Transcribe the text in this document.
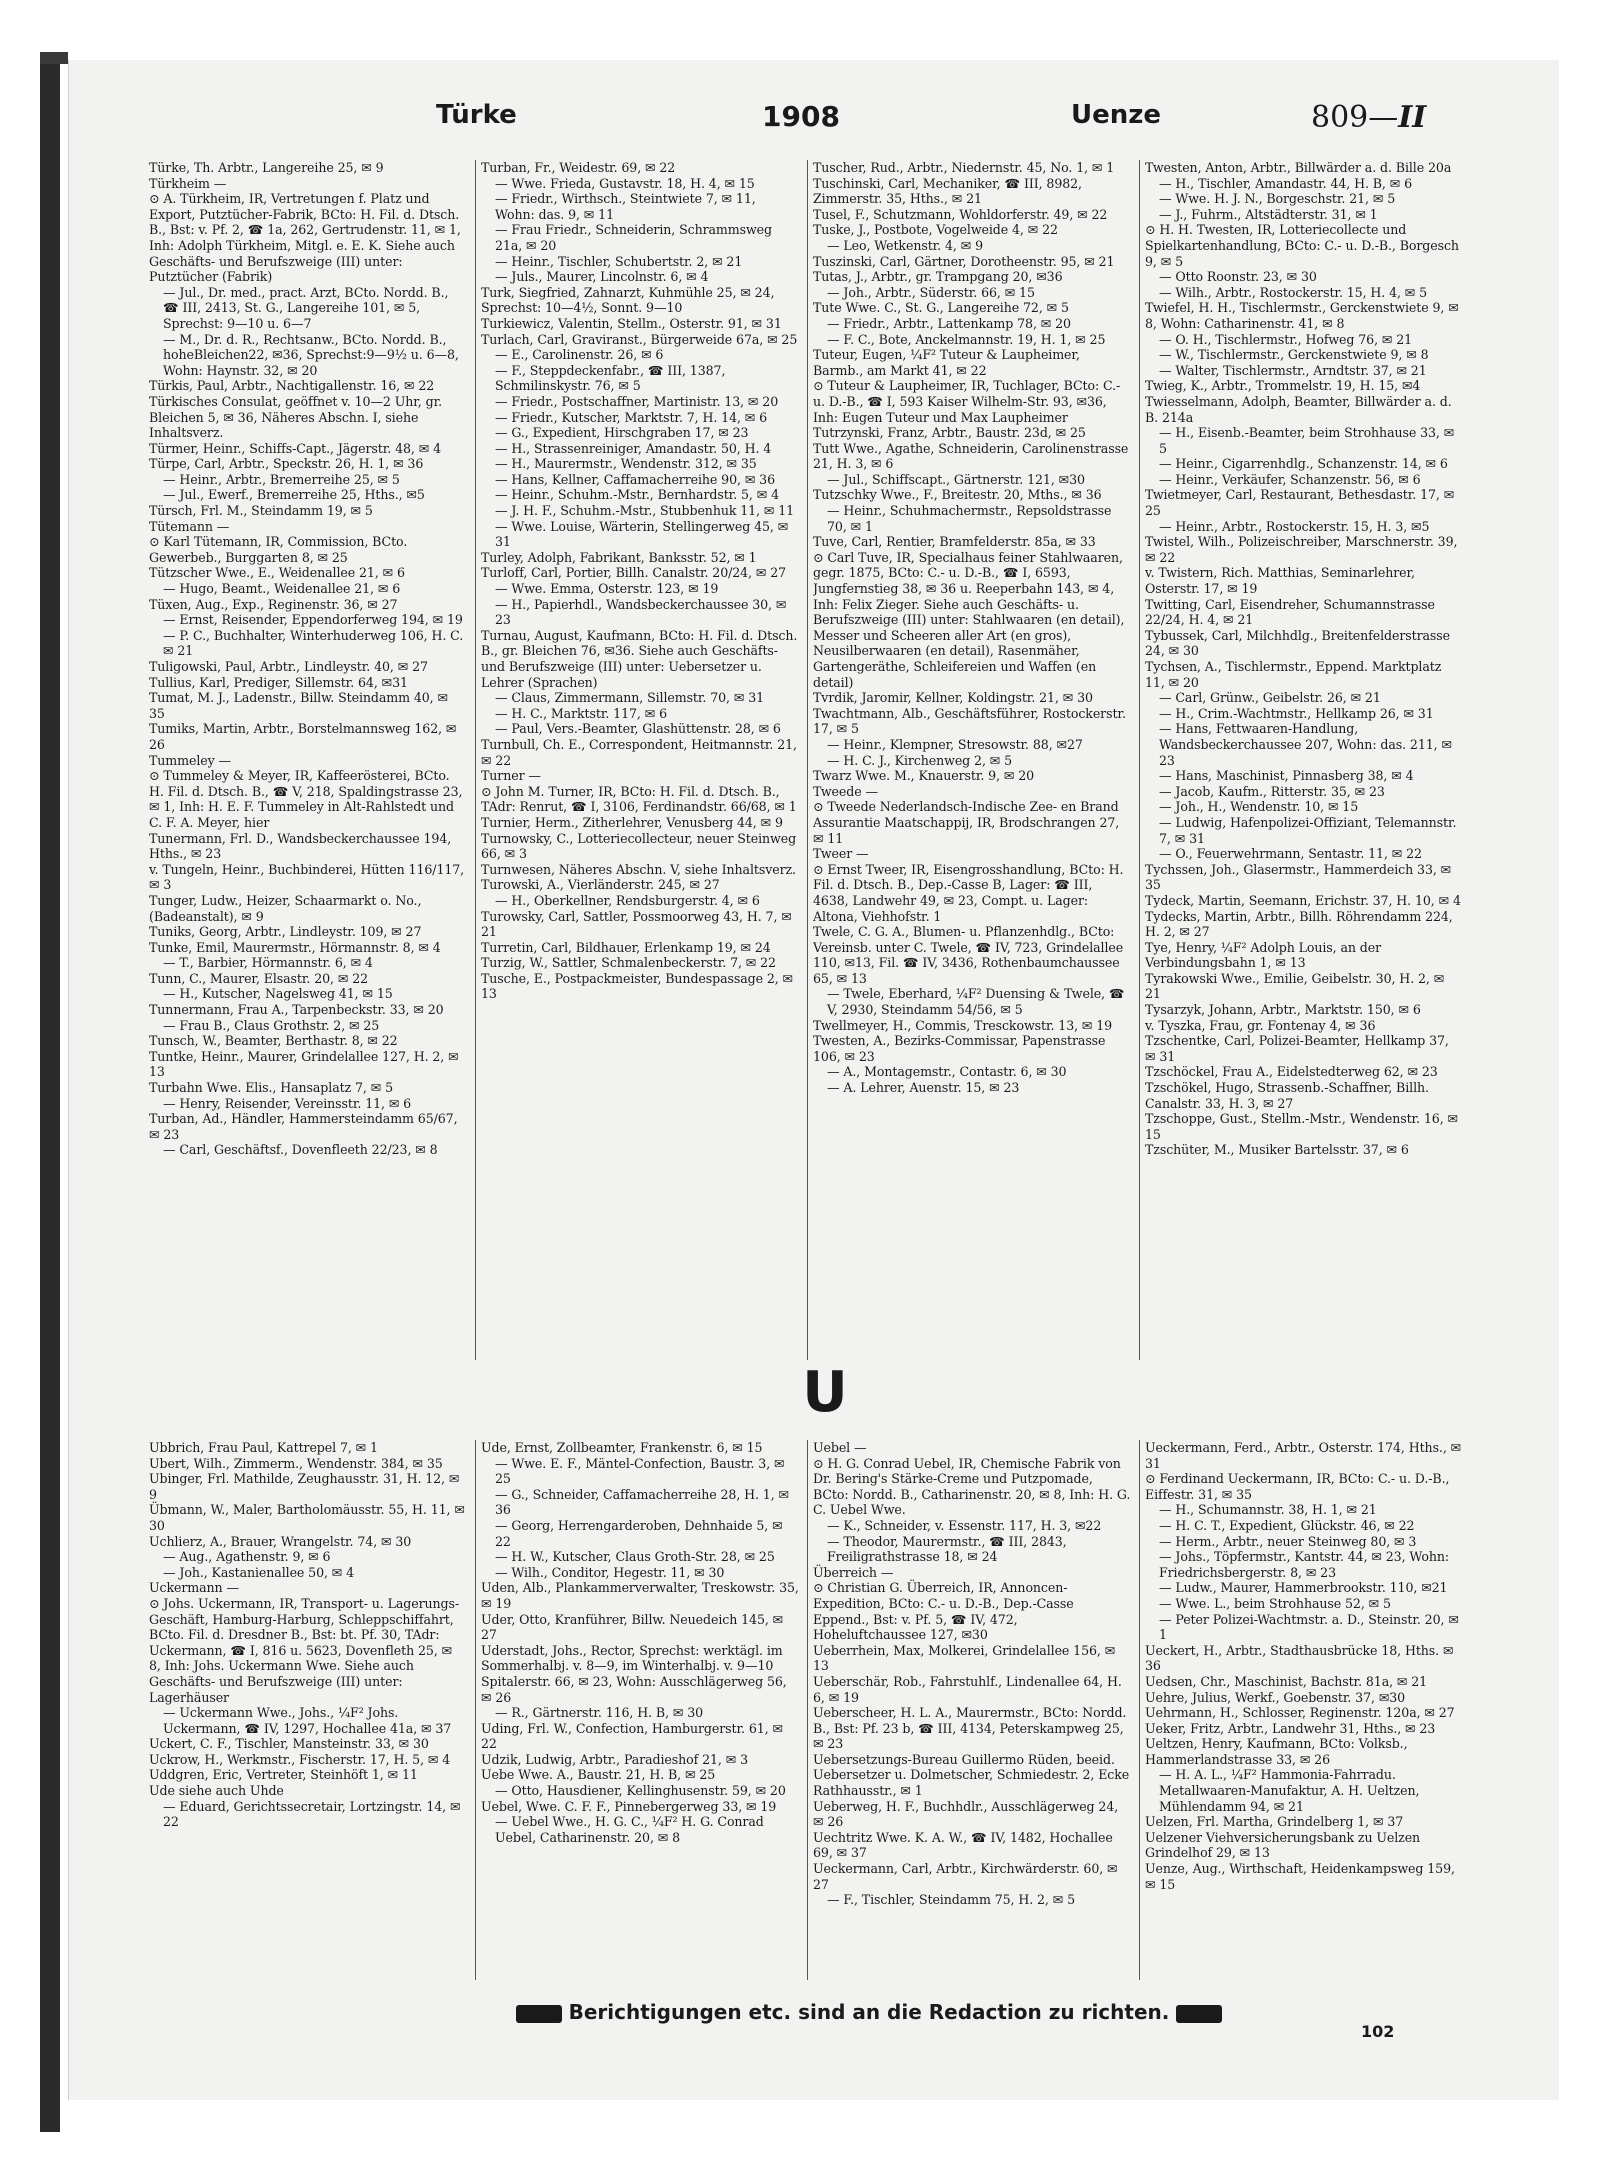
Türke	1908	Uenze	809—II

Türke, Th. Arbtr., Langereihe 25, ✉ 9

Türkheim —

⊙ A. Türkheim, IR, Vertretungen f. Platz und Export, Putztücher-Fabrik, BCto: H. Fil. d. Dtsch. B., Bst: v. Pf. 2, ☎ 1a, 262, Gertrudenstr. 11, ✉ 1, Inh: Adolph Türkheim, Mitgl. e. E. K. Siehe auch Geschäfts- und Berufszweige (III) unter: Putztücher (Fabrik)

— Jul., Dr. med., pract. Arzt, BCto. Nordd. B., ☎ III, 2413, St. G., Langereihe 101, ✉ 5, Sprechst: 9—10 u. 6—7

— M., Dr. d. R., Rechtsanw., BCto. Nordd. B., hoheBleichen22, ✉36, Sprechst:9—9½ u. 6—8, Wohn: Haynstr. 32, ✉ 20

Türkis, Paul, Arbtr., Nachtigallenstr. 16, ✉ 22

Türkisches Consulat, geöffnet v. 10—2 Uhr, gr. Bleichen 5, ✉ 36, Näheres Abschn. I, siehe Inhaltsverz.

Türmer, Heinr., Schiffs-Capt., Jägerstr. 48, ✉ 4

Türpe, Carl, Arbtr., Speckstr. 26, H. 1, ✉ 36

— Heinr., Arbtr., Bremerreihe 25, ✉ 5

— Jul., Ewerf., Bremerreihe 25, Hths., ✉5

Türsch, Frl. M., Steindamm 19, ✉ 5

Tütemann —

⊙ Karl Tütemann, IR, Commission, BCto. Gewerbeb., Burggarten 8, ✉ 25

Tützscher Wwe., E., Weidenallee 21, ✉ 6

— Hugo, Beamt., Weidenallee 21, ✉ 6

Tüxen, Aug., Exp., Reginenstr. 36, ✉ 27

— Ernst, Reisender, Eppendorferweg 194, ✉ 19

— P. C., Buchhalter, Winterhuderweg 106, H. C. ✉ 21

Tuligowski, Paul, Arbtr., Lindleystr. 40, ✉ 27

Tullius, Karl, Prediger, Sillemstr. 64, ✉31

Tumat, M. J., Ladenstr., Billw. Steindamm 40, ✉ 35

Tumiks, Martin, Arbtr., Borstelmannsweg 162, ✉ 26

Tummeley —

⊙ Tummeley & Meyer, IR, Kaffeerösterei, BCto. H. Fil. d. Dtsch. B., ☎ V, 218, Spaldingstrasse 23, ✉ 1, Inh: H. E. F. Tummeley in Alt-Rahlstedt und C. F. A. Meyer, hier

Tunermann, Frl. D., Wandsbeckerchaussee 194, Hths., ✉ 23

v. Tungeln, Heinr., Buchbinderei, Hütten 116/117, ✉ 3

Tunger, Ludw., Heizer, Schaarmarkt o. No., (Badeanstalt), ✉ 9

Tuniks, Georg, Arbtr., Lindleystr. 109, ✉ 27

Tunke, Emil, Maurermstr., Hörmannstr. 8, ✉ 4

— T., Barbier, Hörmannstr. 6, ✉ 4

Tunn, C., Maurer, Elsastr. 20, ✉ 22

— H., Kutscher, Nagelsweg 41, ✉ 15

Tunnermann, Frau A., Tarpenbeckstr. 33, ✉ 20

— Frau B., Claus Grothstr. 2, ✉ 25

Tunsch, W., Beamter, Berthastr. 8, ✉ 22

Tuntke, Heinr., Maurer, Grindelallee 127, H. 2, ✉ 13

Turbahn Wwe. Elis., Hansaplatz 7, ✉ 5

— Henry, Reisender, Vereinsstr. 11, ✉ 6

Turban, Ad., Händler, Hammersteindamm 65/67, ✉ 23

— Carl, Geschäftsf., Dovenfleeth 22/23, ✉ 8

Turban, Fr., Weidestr. 69, ✉ 22

— Wwe. Frieda, Gustavstr. 18, H. 4, ✉ 15

— Friedr., Wirthsch., Steintwiete 7, ✉ 11, Wohn: das. 9, ✉ 11

— Frau Friedr., Schneiderin, Schrammsweg 21a, ✉ 20

— Heinr., Tischler, Schubertstr. 2, ✉ 21

— Juls., Maurer, Lincolnstr. 6, ✉ 4

Turk, Siegfried, Zahnarzt, Kuhmühle 25, ✉ 24, Sprechst: 10—4½, Sonnt. 9—10

Turkiewicz, Valentin, Stellm., Osterstr. 91, ✉ 31

Turlach, Carl, Graviranst., Bürgerweide 67a, ✉ 25

— E., Carolinenstr. 26, ✉ 6

— F., Steppdeckenfabr., ☎ III, 1387, Schmilinskystr. 76, ✉ 5

— Friedr., Postschaffner, Martinistr. 13, ✉ 20

— Friedr., Kutscher, Marktstr. 7, H. 14, ✉ 6

— G., Expedient, Hirschgraben 17, ✉ 23

— H., Strassenreiniger, Amandastr. 50, H. 4

— H., Maurermstr., Wendenstr. 312, ✉ 35

— Hans, Kellner, Caffamacherreihe 90, ✉ 36

— Heinr., Schuhm.-Mstr., Bernhardstr. 5, ✉ 4

— J. H. F., Schuhm.-Mstr., Stubbenhuk 11, ✉ 11

— Wwe. Louise, Wärterin, Stellingerweg 45, ✉ 31

Turley, Adolph, Fabrikant, Banksstr. 52, ✉ 1

Turloff, Carl, Portier, Billh. Canalstr. 20/24, ✉ 27

— Wwe. Emma, Osterstr. 123, ✉ 19

— H., Papierhdl., Wandsbeckerchaussee 30, ✉ 23

Turnau, August, Kaufmann, BCto: H. Fil. d. Dtsch. B., gr. Bleichen 76, ✉36. Siehe auch Geschäfts- und Berufszweige (III) unter: Uebersetzer u. Lehrer (Sprachen)

— Claus, Zimmermann, Sillemstr. 70, ✉ 31

— H. C., Marktstr. 117, ✉ 6

— Paul, Vers.-Beamter, Glashüttenstr. 28, ✉ 6

Turnbull, Ch. E., Correspondent, Heitmannstr. 21, ✉ 22

Turner —

⊙ John M. Turner, IR, BCto: H. Fil. d. Dtsch. B., TAdr: Renrut, ☎ I, 3106, Ferdinandstr. 66/68, ✉ 1

Turnier, Herm., Zitherlehrer, Venusberg 44, ✉ 9

Turnowsky, C., Lotteriecollecteur, neuer Steinweg 66, ✉ 3

Turnwesen, Näheres Abschn. V, siehe Inhaltsverz.

Turowski, A., Vierländerstr. 245, ✉ 27

— H., Oberkellner, Rendsburgerstr. 4, ✉ 6

Turowsky, Carl, Sattler, Possmoorweg 43, H. 7, ✉ 21

Turretin, Carl, Bildhauer, Erlenkamp 19, ✉ 24

Turzig, W., Sattler, Schmalenbeckerstr. 7, ✉ 22

Tusche, E., Postpackmeister, Bundespassage 2, ✉ 13

Tuscher, Rud., Arbtr., Niedernstr. 45, No. 1, ✉ 1

Tuschinski, Carl, Mechaniker, ☎ III, 8982, Zimmerstr. 35, Hths., ✉ 21

Tusel, F., Schutzmann, Wohldorferstr. 49, ✉ 22

Tuske, J., Postbote, Vogelweide 4, ✉ 22

— Leo, Wetkenstr. 4, ✉ 9

Tuszinski, Carl, Gärtner, Dorotheenstr. 95, ✉ 21

Tutas, J., Arbtr., gr. Trampgang 20, ✉36

— Joh., Arbtr., Süderstr. 66, ✉ 15

Tute Wwe. C., St. G., Langereihe 72, ✉ 5

— Friedr., Arbtr., Lattenkamp 78, ✉ 20

— F. C., Bote, Anckelmannstr. 19, H. 1, ✉ 25

Tuteur, Eugen, ¼F² Tuteur & Laupheimer, Barmb., am Markt 41, ✉ 22

⊙ Tuteur & Laupheimer, IR, Tuchlager, BCto: C.- u. D.-B., ☎ I, 593 Kaiser Wilhelm-Str. 93, ✉36, Inh: Eugen Tuteur und Max Laupheimer

Tutrzynski, Franz, Arbtr., Baustr. 23d, ✉ 25

Tutt Wwe., Agathe, Schneiderin, Carolinenstrasse 21, H. 3, ✉ 6

— Jul., Schiffscapt., Gärtnerstr. 121, ✉30

Tutzschky Wwe., F., Breitestr. 20, Mths., ✉ 36

— Heinr., Schuhmachermstr., Repsoldstrasse 70, ✉ 1

Tuve, Carl, Rentier, Bramfelderstr. 85a, ✉ 33

⊙ Carl Tuve, IR, Specialhaus feiner Stahlwaaren, gegr. 1875, BCto: C.- u. D.-B., ☎ I, 6593, Jungfernstieg 38, ✉ 36 u. Reeperbahn 143, ✉ 4, Inh: Felix Zieger. Siehe auch Geschäfts- u. Berufszweige (III) unter: Stahlwaaren (en detail), Messer und Scheeren aller Art (en gros), Neusilberwaaren (en detail), Rasenmäher, Gartengeräthe, Schleifereien und Waffen (en detail)

Tvrdik, Jaromir, Kellner, Koldingstr. 21, ✉ 30

Twachtmann, Alb., Geschäftsführer, Rostockerstr. 17, ✉ 5

— Heinr., Klempner, Stresowstr. 88, ✉27

— H. C. J., Kirchenweg 2, ✉ 5

Twarz Wwe. M., Knauerstr. 9, ✉ 20

Tweede —

⊙ Tweede Nederlandsch-Indische Zee- en Brand Assurantie Maatschappij, IR, Brodschrangen 27, ✉ 11

Tweer —

⊙ Ernst Tweer, IR, Eisengrosshandlung, BCto: H. Fil. d. Dtsch. B., Dep.-Casse B, Lager: ☎ III, 4638, Landwehr 49, ✉ 23, Compt. u. Lager: Altona, Viehhofstr. 1

Twele, C. G. A., Blumen- u. Pflanzenhdlg., BCto: Vereinsb. unter C. Twele, ☎ IV, 723, Grindelallee 110, ✉13, Fil. ☎ IV, 3436, Rothenbaumchaussee 65, ✉ 13

— Twele, Eberhard, ¼F² Duensing & Twele, ☎ V, 2930, Steindamm 54/56, ✉ 5

Twellmeyer, H., Commis, Tresckowstr. 13, ✉ 19

Twesten, A., Bezirks-Commissar, Papenstrasse 106, ✉ 23

— A., Montagemstr., Contastr. 6, ✉ 30

— A. Lehrer, Auenstr. 15, ✉ 23

Twesten, Anton, Arbtr., Billwärder a. d. Bille 20a

— H., Tischler, Amandastr. 44, H. B, ✉ 6

— Wwe. H. J. N., Borgeschstr. 21, ✉ 5

— J., Fuhrm., Altstädterstr. 31, ✉ 1

⊙ H. H. Twesten, IR, Lotteriecollecte und Spielkartenhandlung, BCto: C.- u. D.-B., Borgesch 9, ✉ 5

— Otto Roonstr. 23, ✉ 30

— Wilh., Arbtr., Rostockerstr. 15, H. 4, ✉ 5

Twiefel, H. H., Tischlermstr., Gerckenstwiete 9, ✉ 8, Wohn: Catharinenstr. 41, ✉ 8

— O. H., Tischlermstr., Hofweg 76, ✉ 21

— W., Tischlermstr., Gerckenstwiete 9, ✉ 8

— Walter, Tischlermstr., Arndtstr. 37, ✉ 21

Twieg, K., Arbtr., Trommelstr. 19, H. 15, ✉4

Twiesselmann, Adolph, Beamter, Billwärder a. d. B. 214a

— H., Eisenb.-Beamter, beim Strohhause 33, ✉ 5

— Heinr., Cigarrenhdlg., Schanzenstr. 14, ✉ 6

— Heinr., Verkäufer, Schanzenstr. 56, ✉ 6

Twietmeyer, Carl, Restaurant, Bethesdastr. 17, ✉ 25

— Heinr., Arbtr., Rostockerstr. 15, H. 3, ✉5

Twistel, Wilh., Polizeischreiber, Marschnerstr. 39, ✉ 22

v. Twistern, Rich. Matthias, Seminarlehrer, Osterstr. 17, ✉ 19

Twitting, Carl, Eisendreher, Schumannstrasse 22/24, H. 4, ✉ 21

Tybussek, Carl, Milchhdlg., Breitenfelderstrasse 24, ✉ 30

Tychsen, A., Tischlermstr., Eppend. Marktplatz 11, ✉ 20

— Carl, Grünw., Geibelstr. 26, ✉ 21

— H., Crim.-Wachtmstr., Hellkamp 26, ✉ 31

— Hans, Fettwaaren-Handlung, Wandsbeckerchaussee 207, Wohn: das. 211, ✉23

— Hans, Maschinist, Pinnasberg 38, ✉ 4

— Jacob, Kaufm., Ritterstr. 35, ✉ 23

— Joh., H., Wendenstr. 10, ✉ 15

— Ludwig, Hafenpolizei-Offiziant, Telemannstr. 7, ✉ 31

— O., Feuerwehrmann, Sentastr. 11, ✉ 22

Tychssen, Joh., Glasermstr., Hammerdeich 33, ✉ 35

Tydeck, Martin, Seemann, Erichstr. 37, H. 10, ✉ 4

Tydecks, Martin, Arbtr., Billh. Röhrendamm 224, H. 2, ✉ 27

Tye, Henry, ¼F² Adolph Louis, an der Verbindungsbahn 1, ✉ 13

Tyrakowski Wwe., Emilie, Geibelstr. 30, H. 2, ✉ 21

Tysarzyk, Johann, Arbtr., Marktstr. 150, ✉ 6

v. Tyszka, Frau, gr. Fontenay 4, ✉ 36

Tzschentke, Carl, Polizei-Beamter, Hellkamp 37, ✉ 31

Tzschöckel, Frau A., Eidelstedterweg 62, ✉ 23

Tzschökel, Hugo, Strassenb.-Schaffner, Billh. Canalstr. 33, H. 3, ✉ 27

Tzschoppe, Gust., Stellm.-Mstr., Wendenstr. 16, ✉ 15

Tzschüter, M., Musiker Bartelsstr. 37, ✉ 6

U

Ubbrich, Frau Paul, Kattrepel 7, ✉ 1

Ubert, Wilh., Zimmerm., Wendenstr. 384, ✉ 35

Ubinger, Frl. Mathilde, Zeughausstr. 31, H. 12, ✉ 9

Übmann, W., Maler, Bartholomäusstr. 55, H. 11, ✉ 30

Uchlierz, A., Brauer, Wrangelstr. 74, ✉ 30

— Aug., Agathenstr. 9, ✉ 6

— Joh., Kastanienallee 50, ✉ 4

Uckermann —

⊙ Johs. Uckermann, IR, Transport- u. Lagerungs-Geschäft, Hamburg-Harburg, Schleppschiffahrt, BCto. Fil. d. Dresdner B., Bst: bt. Pf. 30, TAdr: Uckermann, ☎ I, 816 u. 5623, Dovenfleth 25, ✉ 8, Inh: Johs. Uckermann Wwe. Siehe auch Geschäfts- und Berufszweige (III) unter: Lagerhäuser

— Uckermann Wwe., Johs., ¼F² Johs. Uckermann, ☎ IV, 1297, Hochallee 41a, ✉ 37

Uckert, C. F., Tischler, Mansteinstr. 33, ✉ 30

Uckrow, H., Werkmstr., Fischerstr. 17, H. 5, ✉ 4

Uddgren, Eric, Vertreter, Steinhöft 1, ✉ 11

Ude siehe auch Uhde

— Eduard, Gerichtssecretair, Lortzingstr. 14, ✉ 22

Ude, Ernst, Zollbeamter, Frankenstr. 6, ✉ 15

— Wwe. E. F., Mäntel-Confection, Baustr. 3, ✉ 25

— G., Schneider, Caffamacherreihe 28, H. 1, ✉ 36

— Georg, Herrengarderoben, Dehnhaide 5, ✉ 22

— H. W., Kutscher, Claus Groth-Str. 28, ✉ 25

— Wilh., Conditor, Hegestr. 11, ✉ 30

Uden, Alb., Plankammerverwalter, Treskowstr. 35, ✉ 19

Uder, Otto, Kranführer, Billw. Neuedeich 145, ✉ 27

Uderstadt, Johs., Rector, Sprechst: werktägl. im Sommerhalbj. v. 8—9, im Winterhalbj. v. 9—10 Spitalerstr. 66, ✉ 23, Wohn: Ausschlägerweg 56, ✉ 26

— R., Gärtnerstr. 116, H. B, ✉ 30

Uding, Frl. W., Confection, Hamburgerstr. 61, ✉ 22

Udzik, Ludwig, Arbtr., Paradieshof 21, ✉ 3

Uebe Wwe. A., Baustr. 21, H. B, ✉ 25

— Otto, Hausdiener, Kellinghusenstr. 59, ✉ 20

Uebel, Wwe. C. F. F., Pinnebergerweg 33, ✉ 19

— Uebel Wwe., H. G. C., ¼F² H. G. Conrad Uebel, Catharinenstr. 20, ✉ 8

Uebel —

⊙ H. G. Conrad Uebel, IR, Chemische Fabrik von Dr. Bering's Stärke-Creme und Putzpomade, BCto: Nordd. B., Catharinenstr. 20, ✉ 8, Inh: H. G. C. Uebel Wwe.

— K., Schneider, v. Essenstr. 117, H. 3, ✉22

— Theodor, Maurermstr., ☎ III, 2843, Freiligrathstrasse 18, ✉ 24

Überreich —

⊙ Christian G. Überreich, IR, Annoncen-Expedition, BCto: C.- u. D.-B., Dep.-Casse Eppend., Bst: v. Pf. 5, ☎ IV, 472, Hoheluftchaussee 127, ✉30

Ueberrhein, Max, Molkerei, Grindelallee 156, ✉ 13

Ueberschär, Rob., Fahrstuhlf., Lindenallee 64, H. 6, ✉ 19

Ueberscheer, H. L. A., Maurermstr., BCto: Nordd. B., Bst: Pf. 23 b, ☎ III, 4134, Peterskampweg 25, ✉ 23

Uebersetzungs-Bureau Guillermo Rüden, beeid. Uebersetzer u. Dolmetscher, Schmiedestr. 2, Ecke Rathhausstr., ✉ 1

Ueberweg, H. F., Buchhdlr., Ausschlägerweg 24, ✉ 26

Uechtritz Wwe. K. A. W., ☎ IV, 1482, Hochallee 69, ✉ 37

Ueckermann, Carl, Arbtr., Kirchwärderstr. 60, ✉ 27

— F., Tischler, Steindamm 75, H. 2, ✉ 5

Ueckermann, Ferd., Arbtr., Osterstr. 174, Hths., ✉ 31

⊙ Ferdinand Ueckermann, IR, BCto: C.- u. D.-B., Eiffestr. 31, ✉ 35

— H., Schumannstr. 38, H. 1, ✉ 21

— H. C. T., Expedient, Glückstr. 46, ✉ 22

— Herm., Arbtr., neuer Steinweg 80, ✉ 3

— Johs., Töpfermstr., Kantstr. 44, ✉ 23, Wohn: Friedrichsbergerstr. 8, ✉ 23

— Ludw., Maurer, Hammerbrookstr. 110, ✉21

— Wwe. L., beim Strohhause 52, ✉ 5

— Peter Polizei-Wachtmstr. a. D., Steinstr. 20, ✉ 1

Ueckert, H., Arbtr., Stadthausbrücke 18, Hths. ✉ 36

Uedsen, Chr., Maschinist, Bachstr. 81a, ✉ 21

Uehre, Julius, Werkf., Goebenstr. 37, ✉30

Uehrmann, H., Schlosser, Reginenstr. 120a, ✉ 27

Ueker, Fritz, Arbtr., Landwehr 31, Hths., ✉ 23

Ueltzen, Henry, Kaufmann, BCto: Volksb., Hammerlandstrasse 33, ✉ 26

— H. A. L., ¼F² Hammonia-Fahrradu. Metallwaaren-Manufaktur, A. H. Ueltzen, Mühlendamm 94, ✉ 21

Uelzen, Frl. Martha, Grindelberg 1, ✉ 37

Uelzener Viehversicherungsbank zu Uelzen Grindelhof 29, ✉ 13

Uenze, Aug., Wirthschaft, Heidenkampsweg 159, ✉ 15

Berichtigungen etc. sind an die Redaction zu richten.
102
